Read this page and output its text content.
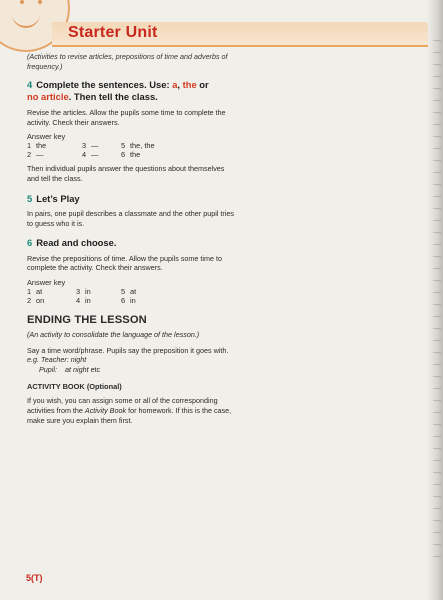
Starter Unit

(Activities to revise articles, prepositions of time and adverbs of frequency.)

4 Complete the sentences. Use: a, the or
no article. Then tell the class.

Revise the articles. Allow the pupils some time to complete the activity. Check their answers.

Answer key

1	the	3	—	5	the, the
2	—	4	—	6	the

Then individual pupils answer the questions about themselves and tell the class.

5 Let’s Play

In pairs, one pupil describes a classmate and the other pupil tries to guess who it is.

6 Read and choose.

Revise the prepositions of time. Allow the pupils some time to complete the activity. Check their answers.

Answer key

1	at	3	in	5	at
2	on	4	in	6	in

ENDING THE LESSON

(An activity to consolidate the language of the lesson.)

Say a time word/phrase. Pupils say the preposition it goes with.

e.g. Teacher: night

Pupil: at night etc

ACTIVITY BOOK (Optional)

If you wish, you can assign some or all of the corresponding activities from the Activity Book for homework. If this is the case, make sure you explain them first.

5(T)
